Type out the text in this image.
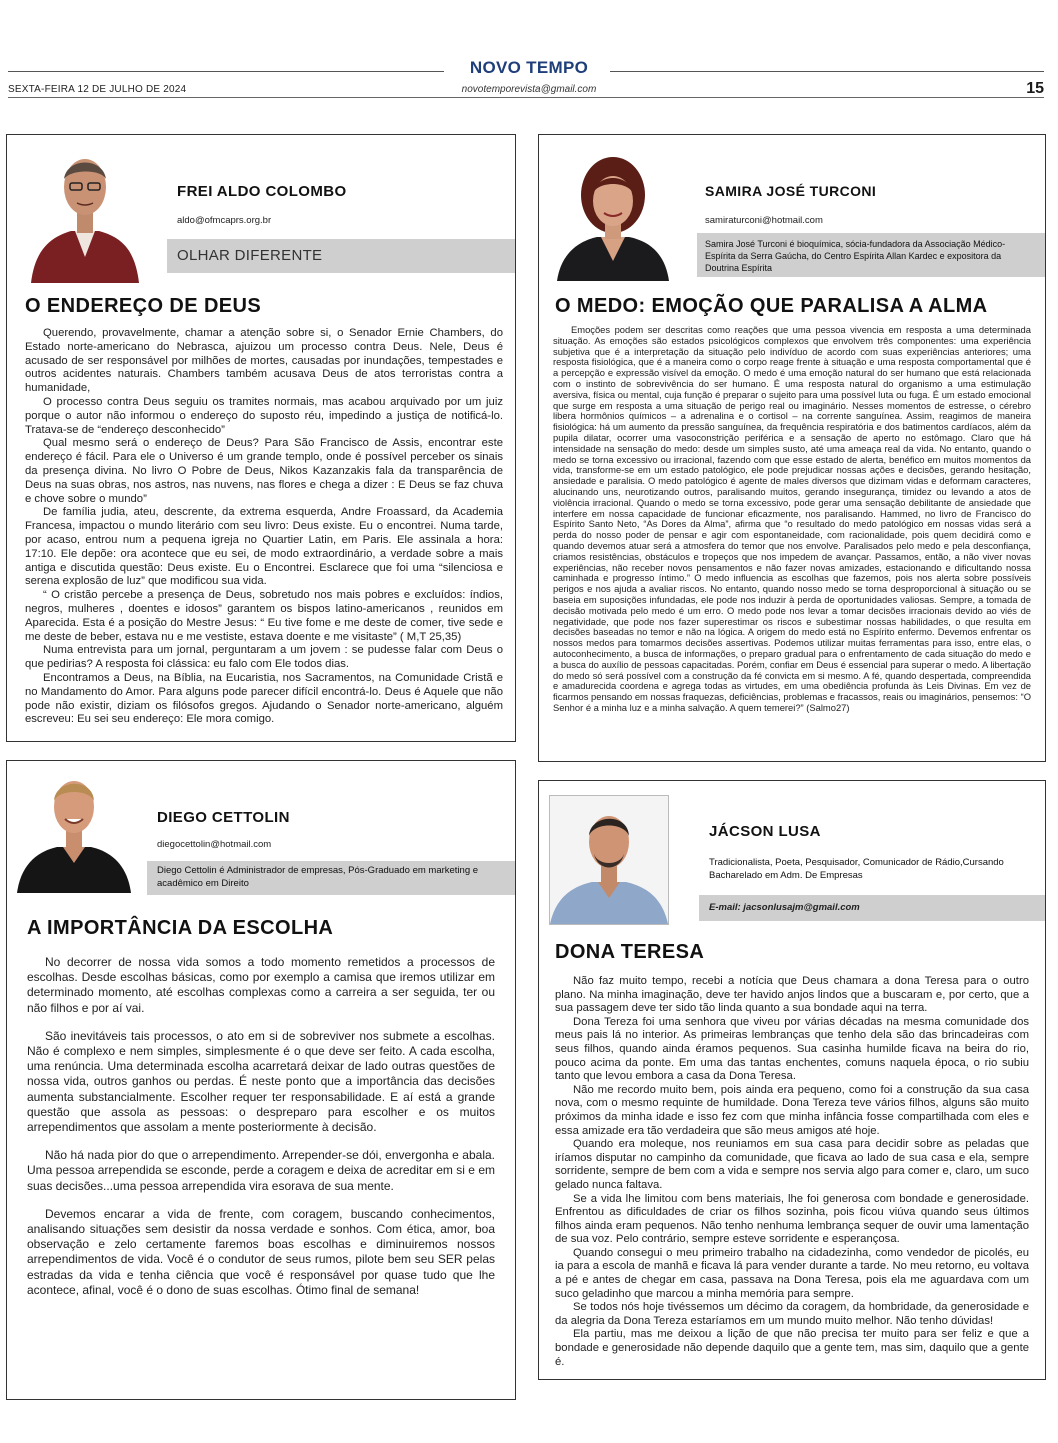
NOVO TEMPO
SEXTA-FEIRA 12 DE JULHO DE 2024	novotemporevista@gmail.com	15
FREI ALDO COLOMBO
aldo@ofmcaprs.org.br
OLHAR DIFERENTE
O ENDEREÇO DE DEUS

Querendo, provavelmente, chamar a atenção sobre si, o Senador Ernie Chambers, do Estado norte-americano do Nebrasca, ajuizou um processo contra Deus. Nele, Deus é acusado de ser responsável por milhões de mortes, causadas por inundações, tempestades e outros acidentes naturais. Chambers também acusava Deus de atos terroristas contra a humanidade,

O processo contra Deus seguiu os tramites normais, mas acabou arquivado por um juiz porque o autor não informou o endereço do suposto réu, impedindo a justiça de notificá-lo. Tratava-se de “endereço desconhecido”

Qual mesmo será o endereço de Deus? Para São Francisco de Assis, encontrar este endereço é fácil. Para ele o Universo é um grande templo, onde é possível perceber os sinais da presença divina. No livro O Pobre de Deus, Nikos Kazanzakis fala da transparência de Deus na suas obras, nos astros, nas nuvens, nas flores e chega a dizer : E Deus se faz chuva e chove sobre o mundo”

De família judia, ateu, descrente, da extrema esquerda, Andre Froassard, da Academia Francesa, impactou o mundo literário com seu livro: Deus existe. Eu o encontrei. Numa tarde, por acaso, entrou num a pequena igreja no Quartier Latin, em Paris. Ele assinala a hora: 17:10. Ele depõe: ora acontece que eu sei, de modo extraordinário, a verdade sobre a mais antiga e discutida questão: Deus existe. Eu o Encontrei. Esclarece que foi uma “silenciosa e serena explosão de luz” que modificou sua vida.

“ O cristão percebe a presença de Deus, sobretudo nos mais pobres e excluídos: índios, negros, mulheres , doentes e idosos” garantem os bispos latino-americanos , reunidos em Aparecida. Esta é a posição do Mestre Jesus: “ Eu tive fome e me deste de comer, tive sede e me deste de beber, estava nu e me vestiste, estava doente e me visitaste” ( M,T 25,35)

Numa entrevista para um jornal, perguntaram a um jovem : se pudesse falar com Deus o que pedirias? A resposta foi clássica: eu falo com Ele todos dias.

Encontramos a Deus, na Bíblia, na Eucaristia, nos Sacramentos, na Comunidade Cristã e no Mandamento do Amor. Para alguns pode parecer difícil encontrá-lo. Deus é Aquele que não pode não existir, diziam os filósofos gregos. Ajudando o Senador norte-americano, alguém escreveu: Eu sei seu endereço: Ele mora comigo.

SAMIRA JOSÉ TURCONI
samiraturconi@hotmail.com
Samira José Turconi é bioquímica, sócia-fundadora da Associação Médico-Espírita da Serra Gaúcha, do Centro Espírita Allan Kardec e expositora da Doutrina Espírita
O MEDO: EMOÇÃO QUE PARALISA A ALMA

Emoções podem ser descritas como reações que uma pessoa vivencia em resposta a uma determinada situação. As emoções são estados psicológicos complexos que envolvem três componentes: uma experiência subjetiva que é a interpretação da situação pelo indivíduo de acordo com suas experiências anteriores; uma resposta fisiológica, que é a maneira como o corpo reage frente à situação e uma resposta comportamental que é a percepção e expressão visível da emoção. O medo é uma emoção natural do ser humano que está relacionada com o instinto de sobrevivência do ser humano. É uma resposta natural do organismo a uma estimulação aversiva, física ou mental, cuja função é preparar o sujeito para uma possível luta ou fuga. É um estado emocional que surge em resposta a uma situação de perigo real ou imaginário. Nesses momentos de estresse, o cérebro libera hormônios químicos – a adrenalina e o cortisol – na corrente sanguínea. Assim, reagimos de maneira fisiológica: há um aumento da pressão sanguínea, da frequência respiratória e dos batimentos cardíacos, além da pupila dilatar, ocorrer uma vasoconstrição periférica e a sensação de aperto no estômago. Claro que há intensidade na sensação do medo: desde um simples susto, até uma ameaça real da vida. No entanto, quando o medo se torna excessivo ou irracional, fazendo com que esse estado de alerta, benéfico em muitos momentos da vida, transforme-se em um estado patológico, ele pode prejudicar nossas ações e decisões, gerando hesitação, ansiedade e paralisia. O medo patológico é agente de males diversos que dizimam vidas e deformam caracteres, alucinando uns, neurotizando outros, paralisando muitos, gerando insegurança, timidez ou levando a atos de violência irracional. Quando o medo se torna excessivo, pode gerar uma sensação debilitante de ansiedade que interfere em nossa capacidade de funcionar eficazmente, nos paralisando. Hammed, no livro de Francisco do Espírito Santo Neto, “As Dores da Alma”, afirma que “o resultado do medo patológico em nossas vidas será a perda do nosso poder de pensar e agir com espontaneidade, com racionalidade, pois quem decidirá como e quando devemos atuar será a atmosfera do temor que nos envolve. Paralisados pelo medo e pela desconfiança, criamos resistências, obstáculos e tropeços que nos impedem de avançar. Passamos, então, a não viver novas experiências, não receber novos pensamentos e não fazer novas amizades, estacionando e dificultando nossa caminhada e progresso íntimo.” O medo influencia as escolhas que fazemos, pois nos alerta sobre possíveis perigos e nos ajuda a avaliar riscos. No entanto, quando nosso medo se torna desproporcional à situação ou se baseia em suposições infundadas, ele pode nos induzir à perda de oportunidades valiosas. Sempre, a tomada de decisão motivada pelo medo é um erro. O medo pode nos levar a tomar decisões irracionais devido ao viés de negatividade, que pode nos fazer superestimar os riscos e subestimar nossas habilidades, o que resulta em decisões baseadas no temor e não na lógica. A origem do medo está no Espírito enfermo. Devemos enfrentar os nossos medos para tomarmos decisões assertivas. Podemos utilizar muitas ferramentas para isso, entre elas, o autoconhecimento, a busca de informações, o preparo gradual para o enfrentamento de cada situação do medo e a busca do auxílio de pessoas capacitadas. Porém, confiar em Deus é essencial para superar o medo. A libertação do medo só será possível com a construção da fé convicta em si mesmo. A fé, quando despertada, compreendida e amadurecida coordena e agrega todas as virtudes, em uma obediência profunda às Leis Divinas. Em vez de ficarmos pensando em nossas fraquezas, deficiências, problemas e fracassos, reais ou imaginários, pensemos: “O Senhor é a minha luz e a minha salvação. A quem temerei?” (Salmo27)

DIEGO CETTOLIN
diegocettolin@hotmail.com
Diego Cettolin é Administrador de empresas, Pós-Graduado em marketing e acadêmico em Direito
A IMPORTÂNCIA DA ESCOLHA

No decorrer de nossa vida somos a todo momento remetidos a processos de escolhas. Desde escolhas básicas, como por exemplo a camisa que iremos utilizar em determinado momento, até escolhas complexas como a carreira a ser seguida, ter ou não filhos e por aí vai.

São inevitáveis tais processos, o ato em si de sobreviver nos submete a escolhas. Não é complexo e nem simples, simplesmente é o que deve ser feito. A cada escolha, uma renúncia. Uma determinada escolha acarretará deixar de lado outras questões de nossa vida, outros ganhos ou perdas. É neste ponto que a importância das decisões aumenta substancialmente. Escolher requer ter responsabilidade. E aí está a grande questão que assola as pessoas: o despreparo para escolher e os muitos arrependimentos que assolam a mente posteriormente à decisão.

Não há nada pior do que o arrependimento. Arrepender-se dói, envergonha e abala. Uma pessoa arrependida se esconde, perde a coragem e deixa de acreditar em si e em suas decisões...uma pessoa arrependida vira esorava de sua mente.

Devemos encarar a vida de frente, com coragem, buscando conhecimentos, analisando situações sem desistir da nossa verdade e sonhos. Com ética, amor, boa observação e zelo certamente faremos boas escolhas e diminuiremos nossos arrependimentos de vida. Você é o condutor de seus rumos, pilote bem seu SER pelas estradas da vida e tenha ciência que você é responsável por quase tudo que lhe acontece, afinal, você é o dono de suas escolhas. Ótimo final de semana!

JÁCSON LUSA
Tradicionalista, Poeta, Pesquisador, Comunicador de Rádio,Cursando Bacharelado em Adm. De Empresas
E-mail: jacsonlusajm@gmail.com
DONA TERESA

Não faz muito tempo, recebi a notícia que Deus chamara a dona Teresa para o outro plano. Na minha imaginação, deve ter havido anjos lindos que a buscaram e, por certo, que a sua passagem deve ter sido tão linda quanto a sua bondade aqui na terra.

Dona Tereza foi uma senhora que viveu por várias décadas na mesma comunidade dos meus pais lá no interior. As primeiras lembranças que tenho dela são das brincadeiras com seus filhos, quando ainda éramos pequenos. Sua casinha humilde ficava na beira do rio, pouco acima da ponte. Em uma das tantas enchentes, comuns naquela época, o rio subiu tanto que levou embora a casa da Dona Teresa.

Não me recordo muito bem, pois ainda era pequeno, como foi a construção da sua casa nova, com o mesmo requinte de humildade. Dona Tereza teve vários filhos, alguns são muito próximos da minha idade e isso fez com que minha infância fosse compartilhada com eles e essa amizade era tão verdadeira que são meus amigos até hoje.

Quando era moleque, nos reuniamos em sua casa para decidir sobre as peladas que iríamos disputar no campinho da comunidade, que ficava ao lado de sua casa e ela, sempre sorridente, sempre de bem com a vida e sempre nos servia algo para comer e, claro, um suco gelado nunca faltava.

Se a vida lhe limitou com bens materiais, lhe foi generosa com bondade e generosidade. Enfrentou as dificuldades de criar os filhos sozinha, pois ficou viúva quando seus últimos filhos ainda eram pequenos. Não tenho nenhuma lembrança sequer de ouvir uma lamentação de sua voz. Pelo contrário, sempre esteve sorridente e esperançosa.

Quando consegui o meu primeiro trabalho na cidadezinha, como vendedor de picolés, eu ia para a escola de manhã e ficava lá para vender durante a tarde. No meu retorno, eu voltava a pé e antes de chegar em casa, passava na Dona Teresa, pois ela me aguardava com um suco geladinho que marcou a minha memória para sempre.

Se todos nós hoje tivéssemos um décimo da coragem, da hombridade, da generosidade e da alegria da Dona Tereza estaríamos em um mundo muito melhor. Não tenho dúvidas!

Ela partiu, mas me deixou a lição de que não precisa ter muito para ser feliz e que a bondade e generosidade não depende daquilo que a gente tem, mas sim, daquilo que a gente é.
